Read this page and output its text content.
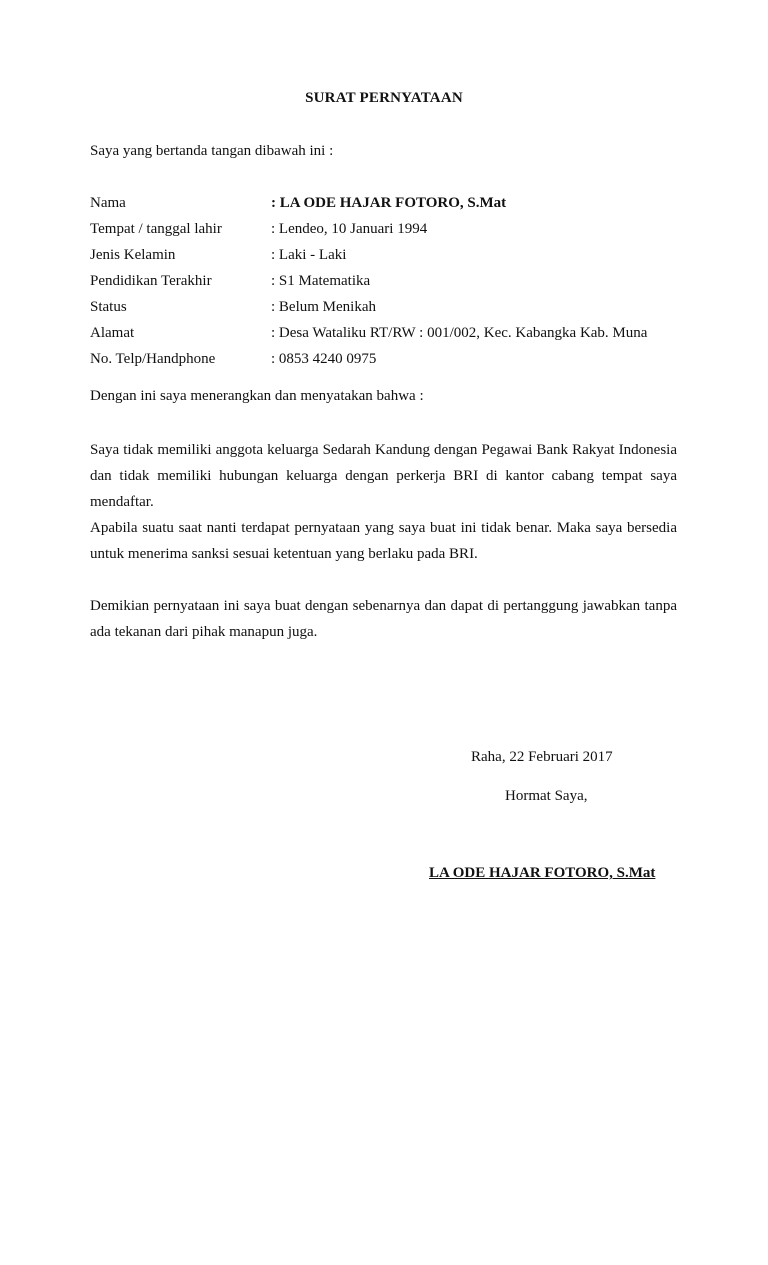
SURAT PERNYATAAN
Saya yang bertanda tangan dibawah ini :
Nama	: LA ODE HAJAR FOTORO, S.Mat
Tempat / tanggal lahir	: Lendeo, 10 Januari 1994
Jenis Kelamin	: Laki - Laki
Pendidikan Terakhir	: S1 Matematika
Status	: Belum Menikah
Alamat	: Desa Wataliku RT/RW : 001/002, Kec. Kabangka Kab. Muna
No. Telp/Handphone	: 0853 4240 0975
Dengan ini saya menerangkan dan menyatakan bahwa :
Saya tidak memiliki anggota keluarga Sedarah Kandung dengan Pegawai Bank Rakyat Indonesia dan tidak memiliki hubungan keluarga dengan perkerja BRI di kantor cabang tempat saya mendaftar.
Apabila suatu saat nanti terdapat pernyataan yang saya buat ini tidak benar. Maka saya bersedia untuk menerima sanksi sesuai ketentuan yang berlaku pada BRI.
Demikian pernyataan ini saya buat dengan sebenarnya dan dapat di pertanggung jawabkan tanpa ada tekanan dari pihak manapun juga.
Raha, 22 Februari 2017
Hormat Saya,
LA ODE HAJAR FOTORO, S.Mat
